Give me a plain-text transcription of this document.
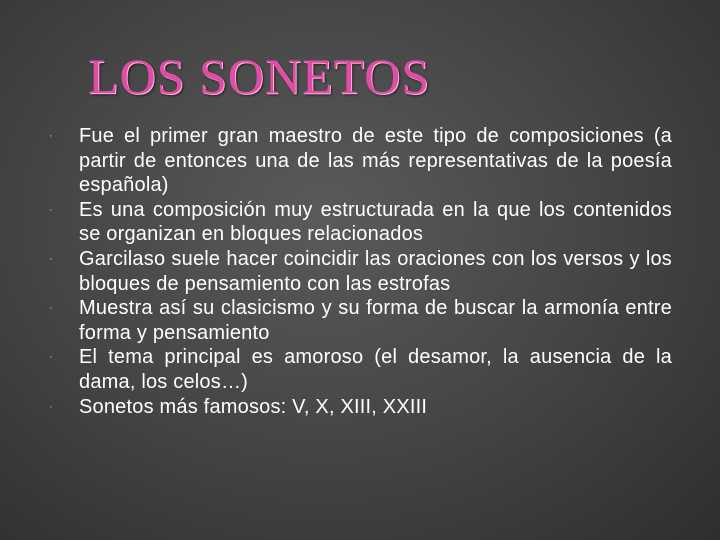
LOS SONETOS
· Fue el primer gran maestro de este tipo de composiciones (a partir de entonces una de las más representativas de la poesía española)
· Es una composición muy estructurada en la que los contenidos se organizan en bloques relacionados
· Garcilaso suele hacer coincidir las oraciones con los versos y los bloques de pensamiento con las estrofas
· Muestra así su clasicismo y su forma de buscar la armonía entre forma y pensamiento
· El tema principal es amoroso (el desamor, la ausencia de la dama, los celos…)
· Sonetos más famosos: V, X, XIII, XXIII
